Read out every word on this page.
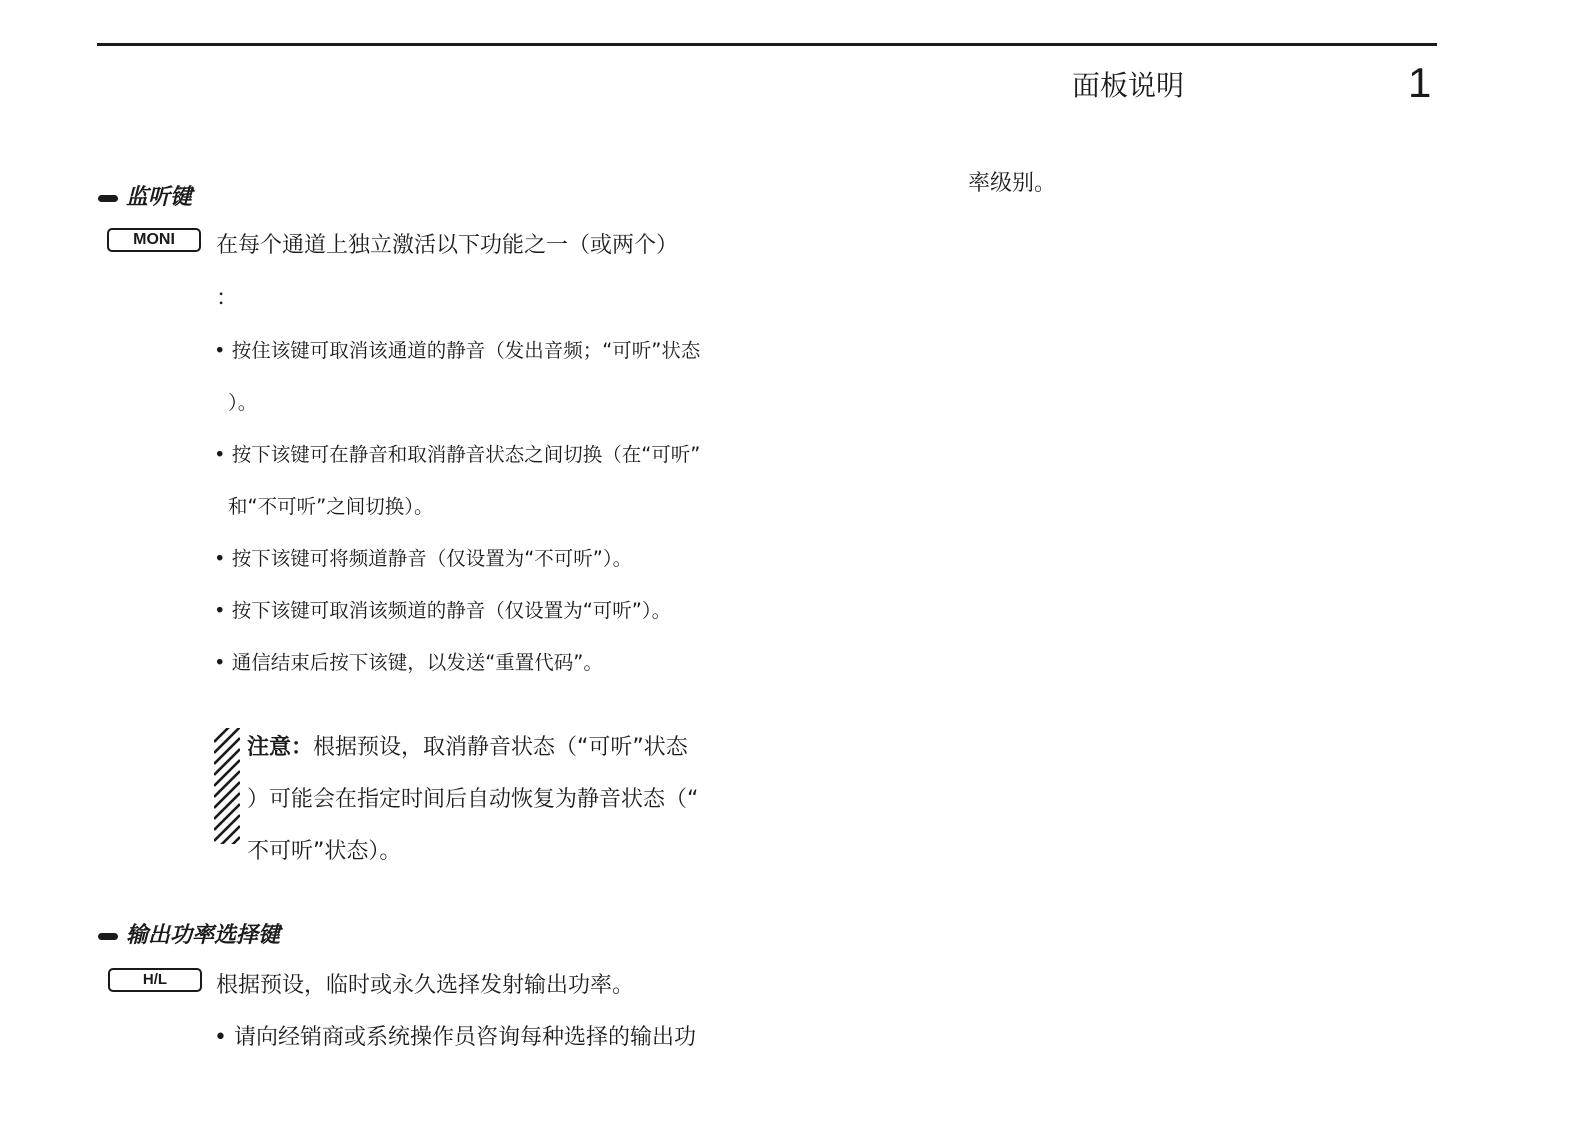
面板说明	1
监听键
MONI	在每个通道上独立激活以下功能之一（或两个）
：
• 按住该键可取消该通道的静音（发出音频；“可听”状态
）。
• 按下该键可在静音和取消静音状态之间切换（在“可听”
和“不可听”之间切换）。
• 按下该键可将频道静音（仅设置为“不可听”）。
• 按下该键可取消该频道的静音（仅设置为“可听”）。
• 通信结束后按下该键，以发送“重置代码”。
注意：根据预设，取消静音状态（“可听”状态
）可能会在指定时间后自动恢复为静音状态（“
不可听”状态）。
输出功率选择键
H/L	根据预设，临时或永久选择发射输出功率。
• 请向经销商或系统操作员咨询每种选择的输出功
率级别。
